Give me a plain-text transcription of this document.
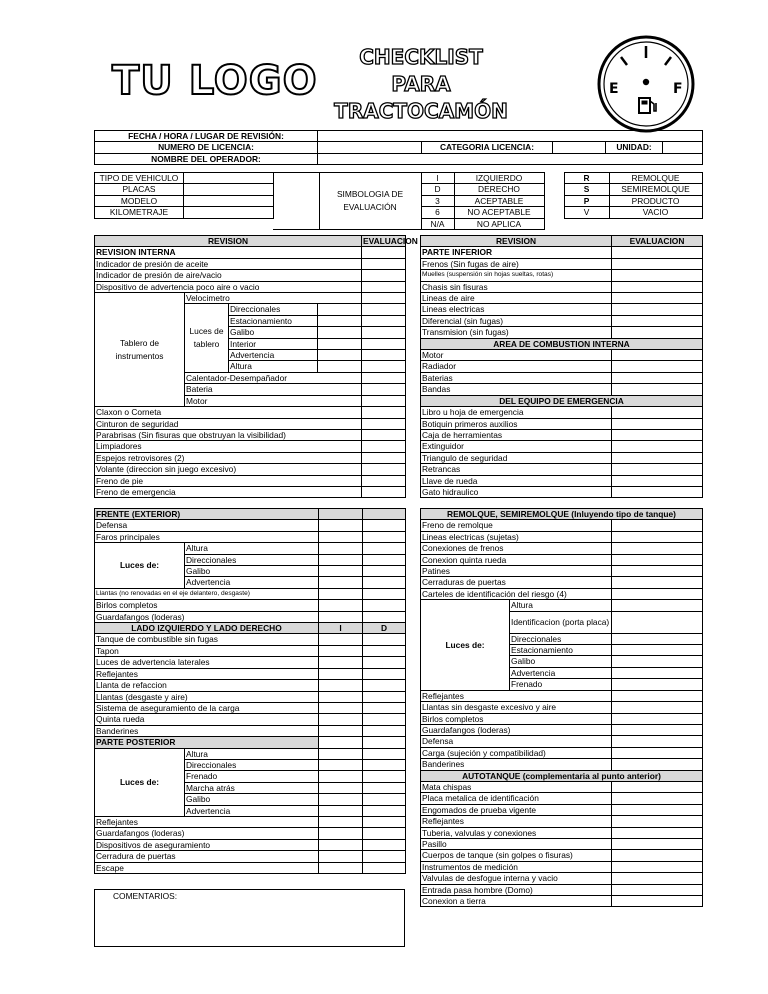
TU LOGO
CHECKLIST
PARA
TRACTOCAMÓN
E	F
FECHA / HORA / LUGAR DE REVISIÓN:					
NUMERO DE LICENCIA:		CATEGORIA LICENCIA:		UNIDAD:	
NOMBRE DEL OPERADOR:					
TIPO DE VEHICULO	
PLACAS	
MODELO	
KILOMETRAJE	

	SIMBOLOGIA DE EVALUACIÓN	I	IZQUIERDO		R	REMOLQUE
		D	DERECHO		S	SEMIREMOLQUE
		3	ACEPTABLE		P	PRODUCTO
		6	NO ACEPTABLE		V	VACIO
		N/A	NO APLICA			
REVISION				EVALUACION
REVISION INTERNA				
Indicador de presión de aceite				
Indicador de presión de aire/vacio				
Dispositivo de advertencia poco aire o vacio				
Tablero de instrumentos	Velocimetro			
	Luces de tablero	Direccionales		
		Estacionamiento		
		Galibo		
		Interior		
		Advertencia		
		Altura		
	Calentador-Desempañador			
	Bateria			
	Motor			
Claxon o Corneta				
Cinturon de seguridad				
Parabrisas (Sin fisuras que obstruyan la visibilidad)				
Limpiadores				
Espejos retrovisores (2)				
Volante (direccion sin juego excesivo)				
Freno de pie				
Freno de emergencia				
REVISION	EVALUACION
PARTE INFERIOR	
Frenos (Sin fugas de aire)	
Muelles (suspensión sin hojas sueltas, rotas)	
Chasis sin fisuras	
Lineas de aire	
Lineas electricas	
Diferencial (sin fugas)	
Transmision (sin fugas)	
AREA DE COMBUSTION INTERNA	
Motor	
Radiador	
Baterias	
Bandas	
DEL EQUIPO DE EMERGENCIA	
Libro u hoja de emergencia	
Botiquin primeros auxilios	
Caja de herramientas	
Extinguidor	
Triangulo de seguridad	
Retrancas	
Llave de rueda	
Gato hidraulico	
FRENTE (EXTERIOR)			
Defensa			
Faros principales			
Luces de:	Altura		
	Direccionales		
	Galibo		
	Advertencia		
Llantas (no renovadas en el eje delantero, desgaste)			
Birlos completos			
Guardafangos (loderas)			
LADO IZQUIERDO Y LADO DERECHO		I	D
Tanque de combustible sin fugas			
Tapon			
Luces de advertencia laterales			
Reflejantes			
Llanta de refaccion			
Llantas (desgaste y aire)			
Sistema de aseguramiento de la carga			
Quinta rueda			
Banderines			
PARTE POSTERIOR			
Luces de:	Altura		
	Direccionales		
	Frenado		
	Marcha atrás		
	Galibo		
	Advertencia		
Reflejantes			
Guardafangos (loderas)			
Dispositivos de aseguramiento			
Cerradura de puertas			
Escape			
COMENTARIOS:
REMOLQUE, SEMIREMOLQUE (Inluyendo tipo de tanque)		
Freno de remolque		
Lineas electricas (sujetas)		
Conexiones de frenos		
Conexion quinta rueda		
Patines		
Cerraduras de puertas		
Carteles de identificación del riesgo (4)		
Luces de:	Altura	
	Identificacion (porta placa)	
	Direccionales	
	Estacionamiento	
	Galibo	
	Advertencia	
	Frenado	
Reflejantes		
Llantas sin desgaste excesivo y aire		
Birlos completos		
Guardafangos (loderas)		
Defensa		
Carga (sujeción y compatibilidad)		
Banderines		
AUTOTANQUE (complementaria al punto anterior)		
Mata chispas		
Placa metalica de identificación		
Engomados de prueba vigente		
Reflejantes		
Tuberia, valvulas y conexiones		
Pasillo		
Cuerpos de tanque (sin golpes o fisuras)		
Instrumentos de medición		
Valvulas de desfogue interna y vacio		
Entrada pasa hombre (Domo)		
Conexion a tierra		
